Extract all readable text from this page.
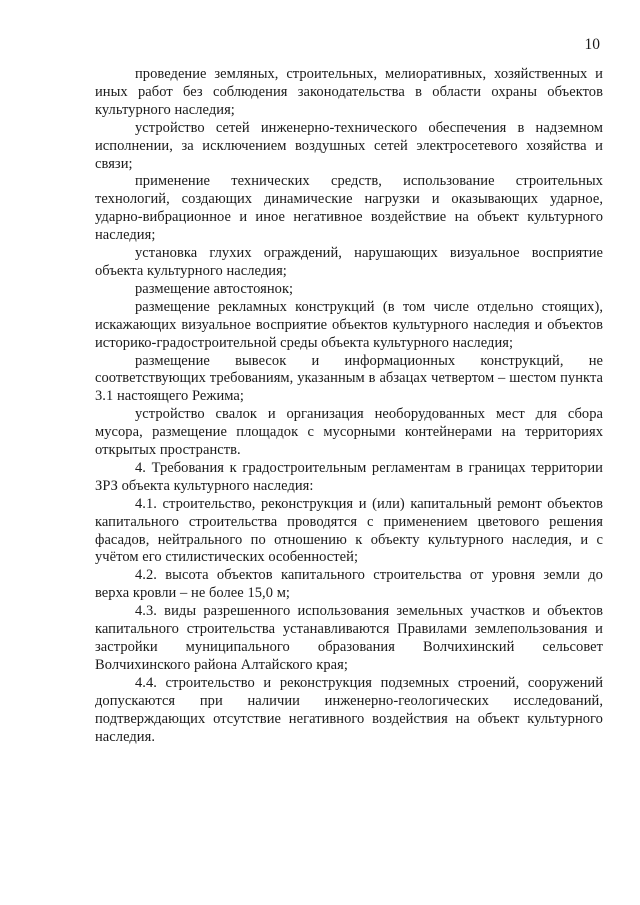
10

проведение земляных, строительных, мелиоративных, хозяйственных и иных работ без соблюдения законодательства в области охраны объектов культурного наследия;

устройство сетей инженерно-технического обеспечения в надземном исполнении, за исключением воздушных сетей электросетевого хозяйства и связи;

применение технических средств, использование строительных технологий, создающих динамические нагрузки и оказывающих ударное, ударно-вибрационное и иное негативное воздействие на объект культурного наследия;

установка глухих ограждений, нарушающих визуальное восприятие объекта культурного наследия;

размещение автостоянок;

размещение рекламных конструкций (в том числе отдельно стоящих), искажающих визуальное восприятие объектов культурного наследия и объектов историко-градостроительной среды объекта культурного наследия;

размещение вывесок и информационных конструкций, не соответствующих требованиям, указанным в абзацах четвертом – шестом пункта 3.1 настоящего Режима;

устройство свалок и организация необорудованных мест для сбора мусора, размещение площадок с мусорными контейнерами на территориях открытых пространств.

4. Требования к градостроительным регламентам в границах территории ЗРЗ объекта культурного наследия:

4.1. строительство, реконструкция и (или) капитальный ремонт объектов капитального строительства проводятся с применением цветового решения фасадов, нейтрального по отношению к объекту культурного наследия, и с учётом его стилистических особенностей;

4.2. высота объектов капитального строительства от уровня земли до верха кровли – не более 15,0 м;

4.3. виды разрешенного использования земельных участков и объектов капитального строительства устанавливаются Правилами землепользования и застройки муниципального образования Волчихинский сельсовет Волчихинского района Алтайского края;

4.4. строительство и реконструкция подземных строений, сооружений допускаются при наличии инженерно-геологических исследований, подтверждающих отсутствие негативного воздействия на объект культурного наследия.
